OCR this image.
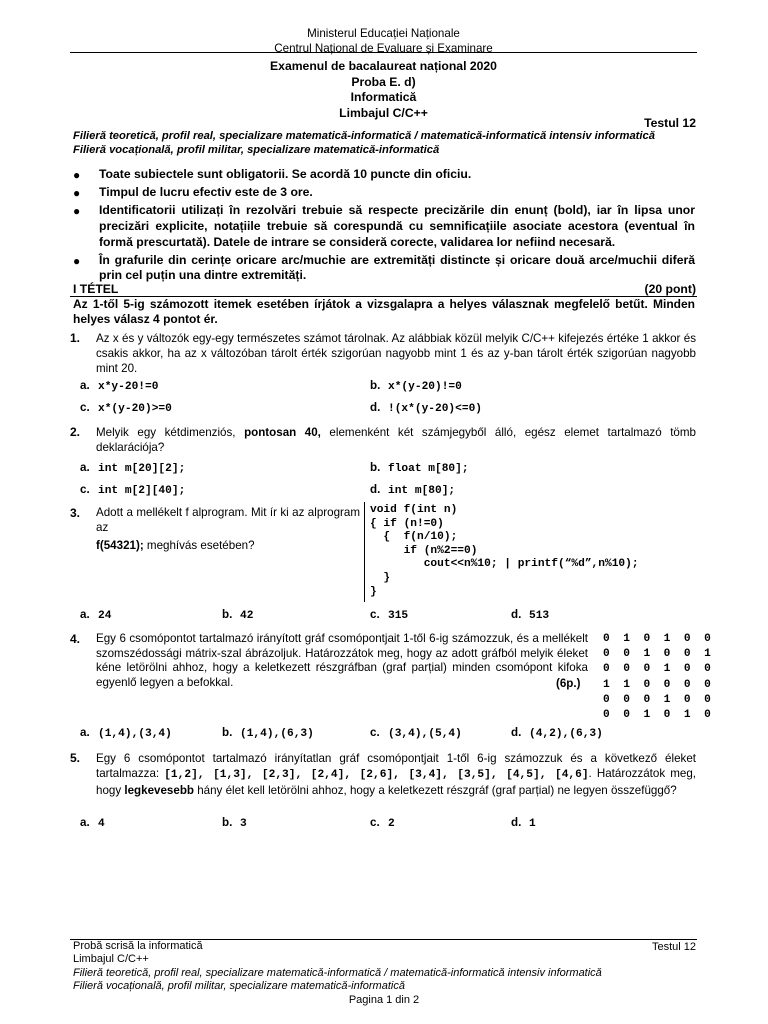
Ministerul Educației Naționale
Centrul Național de Evaluare și Examinare
Examenul de bacalaureat național 2020
Proba E. d)
Informatică
Limbajul C/C++
Testul 12
Filieră teoretică, profil real, specializare matematică-informatică / matematică-informatică intensiv informatică
Filieră vocațională, profil militar, specializare matematică-informatică
●	Toate subiectele sunt obligatorii. Se acordă 10 puncte din oficiu.
●	Timpul de lucru efectiv este de 3 ore.
●	Identificatorii utilizați în rezolvări trebuie să respecte precizările din enunț (bold), iar în lipsa unor precizări explicite, notațiile trebuie să corespundă cu semnificațiile asociate acestora (eventual în formă prescurtată). Datele de intrare se consideră corecte, validarea lor nefiind necesară.
●	În grafurile din cerințe oricare arc/muchie are extremități distincte și oricare două arce/muchii diferă prin cel puțin una dintre extremități.
I TÉTEL	(20 pont)
Az 1-től 5-ig számozott itemek esetében írjátok a vizsgalapra a helyes válasznak megfelelő betűt. Minden helyes válasz 4 pontot ér.
1. Az x és y változók egy-egy természetes számot tárolnak. Az alábbiak közül melyik C/C++ kifejezés értéke 1 akkor és csakis akkor, ha az x változóban tárolt érték szigorúan nagyobb mint 1 és az y-ban tárolt érték szigorúan nagyobb mint 20.
a. x*y-20!=0	b. x*(y-20)!=0
c. x*(y-20)>=0	d. !(x*(y-20)<=0)
2. Melyik egy kétdimenziós, pontosan 40, elemenként két számjegyből álló, egész elemet tartalmazó tömb deklarációja?
a. int m[20][2];	b. float m[80];
c. int m[2][40];	d. int m[80];
3. Adott a mellékelt f alprogram. Mit ír ki az alprogram az
f(54321); meghívás esetében?
void f(int n)
{ if (n!=0)
{  f(n/10);
if (n%2==0)
cout<<n%10; | printf(“%d”,n%10);
}
}
a. 24	b. 42	c. 315	d. 513
4. Egy 6 csomópontot tartalmazó irányított gráf csomópontjait 1-től 6-ig számozzuk, és a mellékelt szomszédossági mátrix-szal ábrázoljuk. Határozzátok meg, hogy az adott gráfból melyik éleket kéne letörölni ahhoz, hogy a keletkezett részgráfban (graf parțial) minden csomópont kifoka egyenlő legyen a befokkal.	(6p.)
0 1 0 1 0 0
0 0 1 0 0 1
0 0 0 1 0 0
1 1 0 0 0 0
0 0 0 1 0 0
0 0 1 0 1 0
a. (1,4),(3,4)	b. (1,4),(6,3)	c. (3,4),(5,4)	d. (4,2),(6,3)
5. Egy 6 csomópontot tartalmazó irányítatlan gráf csomópontjait 1-től 6-ig számozzuk és a következő éleket tartalmazza: [1,2], [1,3], [2,3], [2,4], [2,6], [3,4], [3,5], [4,5], [4,6]. Határozzátok meg, hogy legkevesebb hány élet kell letörölni ahhoz, hogy a keletkezett részgráf (graf parțial) ne legyen összefüggő?
a. 4	b. 3	c. 2	d. 1
Probă scrisă la informatică
Limbajul C/C++
Filieră teoretică, profil real, specializare matematică-informatică / matematică-informatică intensiv informatică
Filieră vocațională, profil militar, specializare matematică-informatică
Pagina 1 din 2
Testul 12
